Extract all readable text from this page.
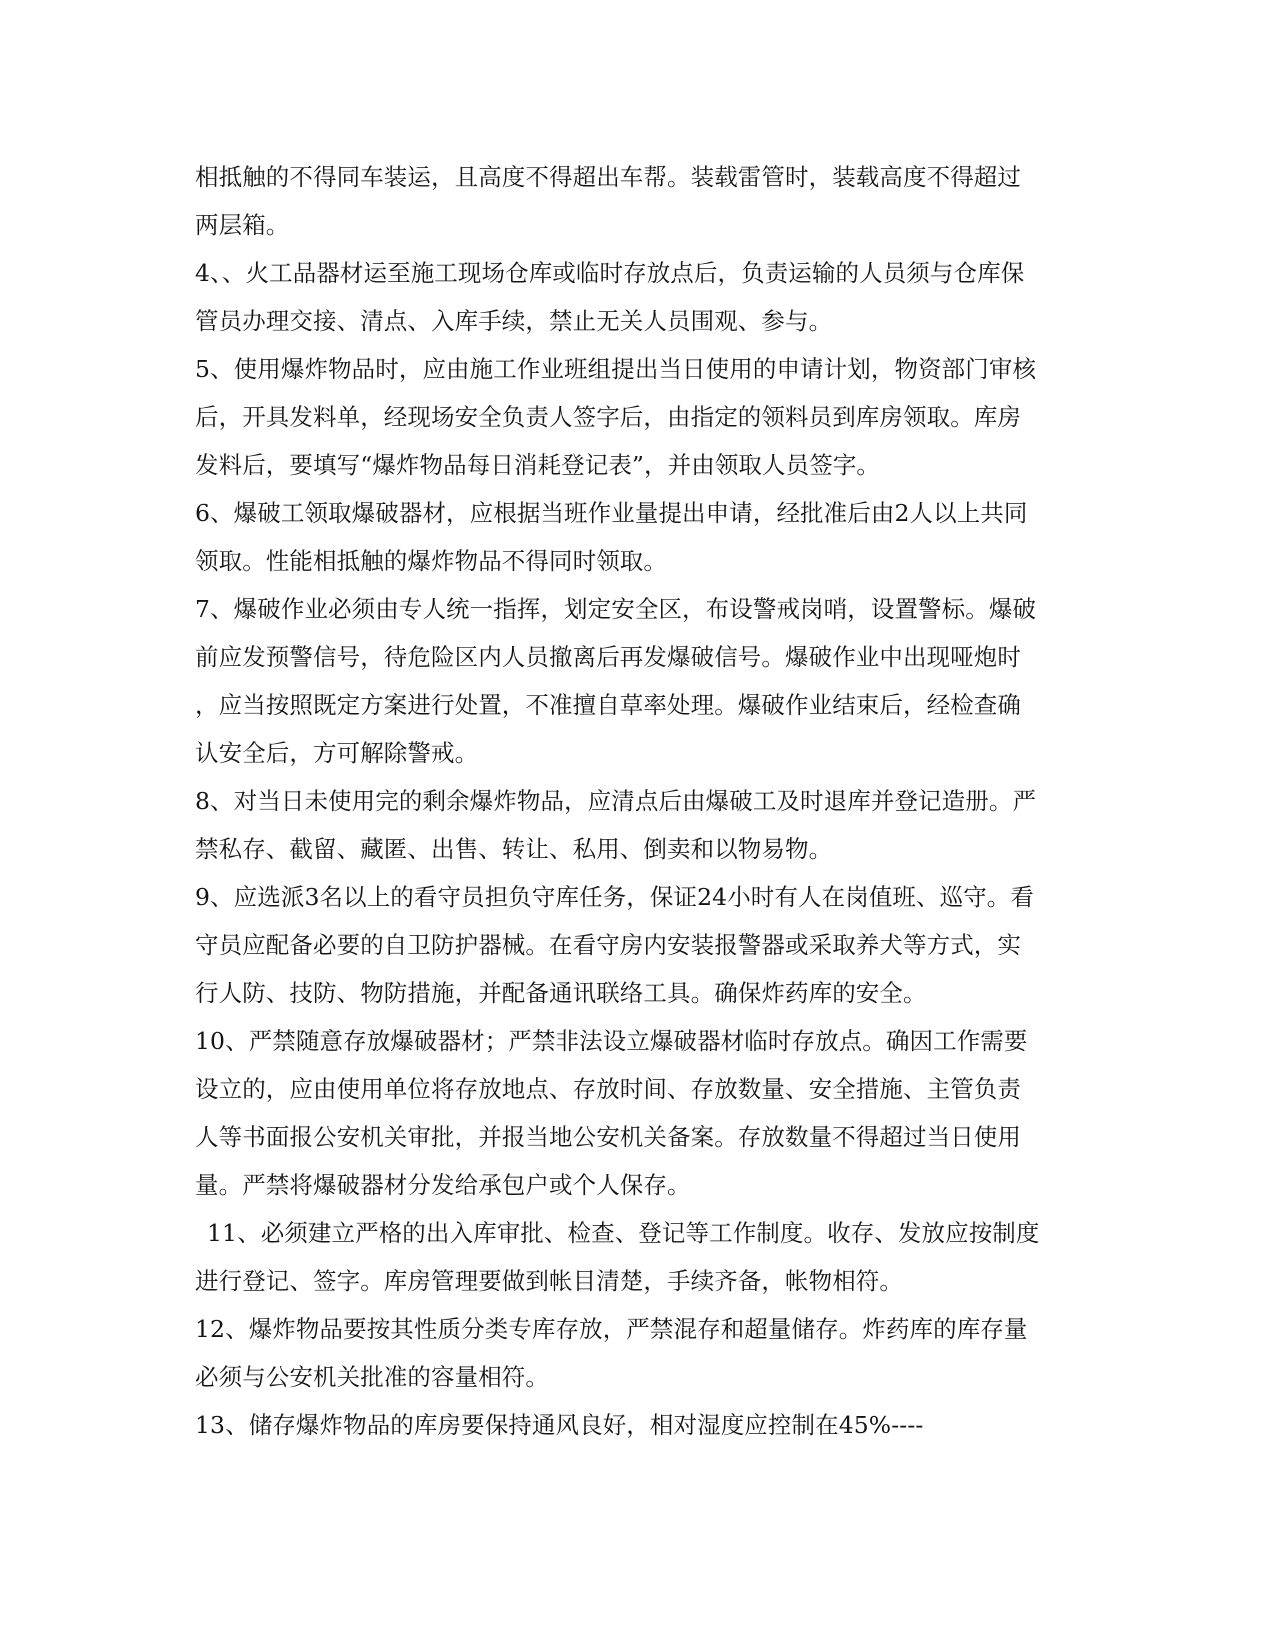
相抵触的不得同车装运，且高度不得超出车帮。装载雷管时，装载高度不得超过
两层箱。
4、、火工品器材运至施工现场仓库或临时存放点后，负责运输的人员须与仓库保
管员办理交接、清点、入库手续，禁止无关人员围观、参与。
5、使用爆炸物品时，应由施工作业班组提出当日使用的申请计划，物资部门审核
后，开具发料单，经现场安全负责人签字后，由指定的领料员到库房领取。库房
发料后，要填写“爆炸物品每日消耗登记表”，并由领取人员签字。
6、爆破工领取爆破器材，应根据当班作业量提出申请，经批准后由2人以上共同
领取。性能相抵触的爆炸物品不得同时领取。
7、爆破作业必须由专人统一指挥，划定安全区，布设警戒岗哨，设置警标。爆破
前应发预警信号，待危险区内人员撤离后再发爆破信号。爆破作业中出现哑炮时
，应当按照既定方案进行处置，不准擅自草率处理。爆破作业结束后，经检查确
认安全后，方可解除警戒。
8、对当日未使用完的剩余爆炸物品，应清点后由爆破工及时退库并登记造册。严
禁私存、截留、藏匿、出售、转让、私用、倒卖和以物易物。
9、应选派3名以上的看守员担负守库任务，保证24小时有人在岗值班、巡守。看
守员应配备必要的自卫防护器械。在看守房内安装报警器或采取养犬等方式，实
行人防、技防、物防措施，并配备通讯联络工具。确保炸药库的安全。
10、严禁随意存放爆破器材；严禁非法设立爆破器材临时存放点。确因工作需要
设立的，应由使用单位将存放地点、存放时间、存放数量、安全措施、主管负责
人等书面报公安机关审批，并报当地公安机关备案。存放数量不得超过当日使用
量。严禁将爆破器材分发给承包户或个人保存。
11、必须建立严格的出入库审批、检查、登记等工作制度。收存、发放应按制度
进行登记、签字。库房管理要做到帐目清楚，手续齐备，帐物相符。
12、爆炸物品要按其性质分类专库存放，严禁混存和超量储存。炸药库的库存量
必须与公安机关批准的容量相符。
13、储存爆炸物品的库房要保持通风良好，相对湿度应控制在45%----
